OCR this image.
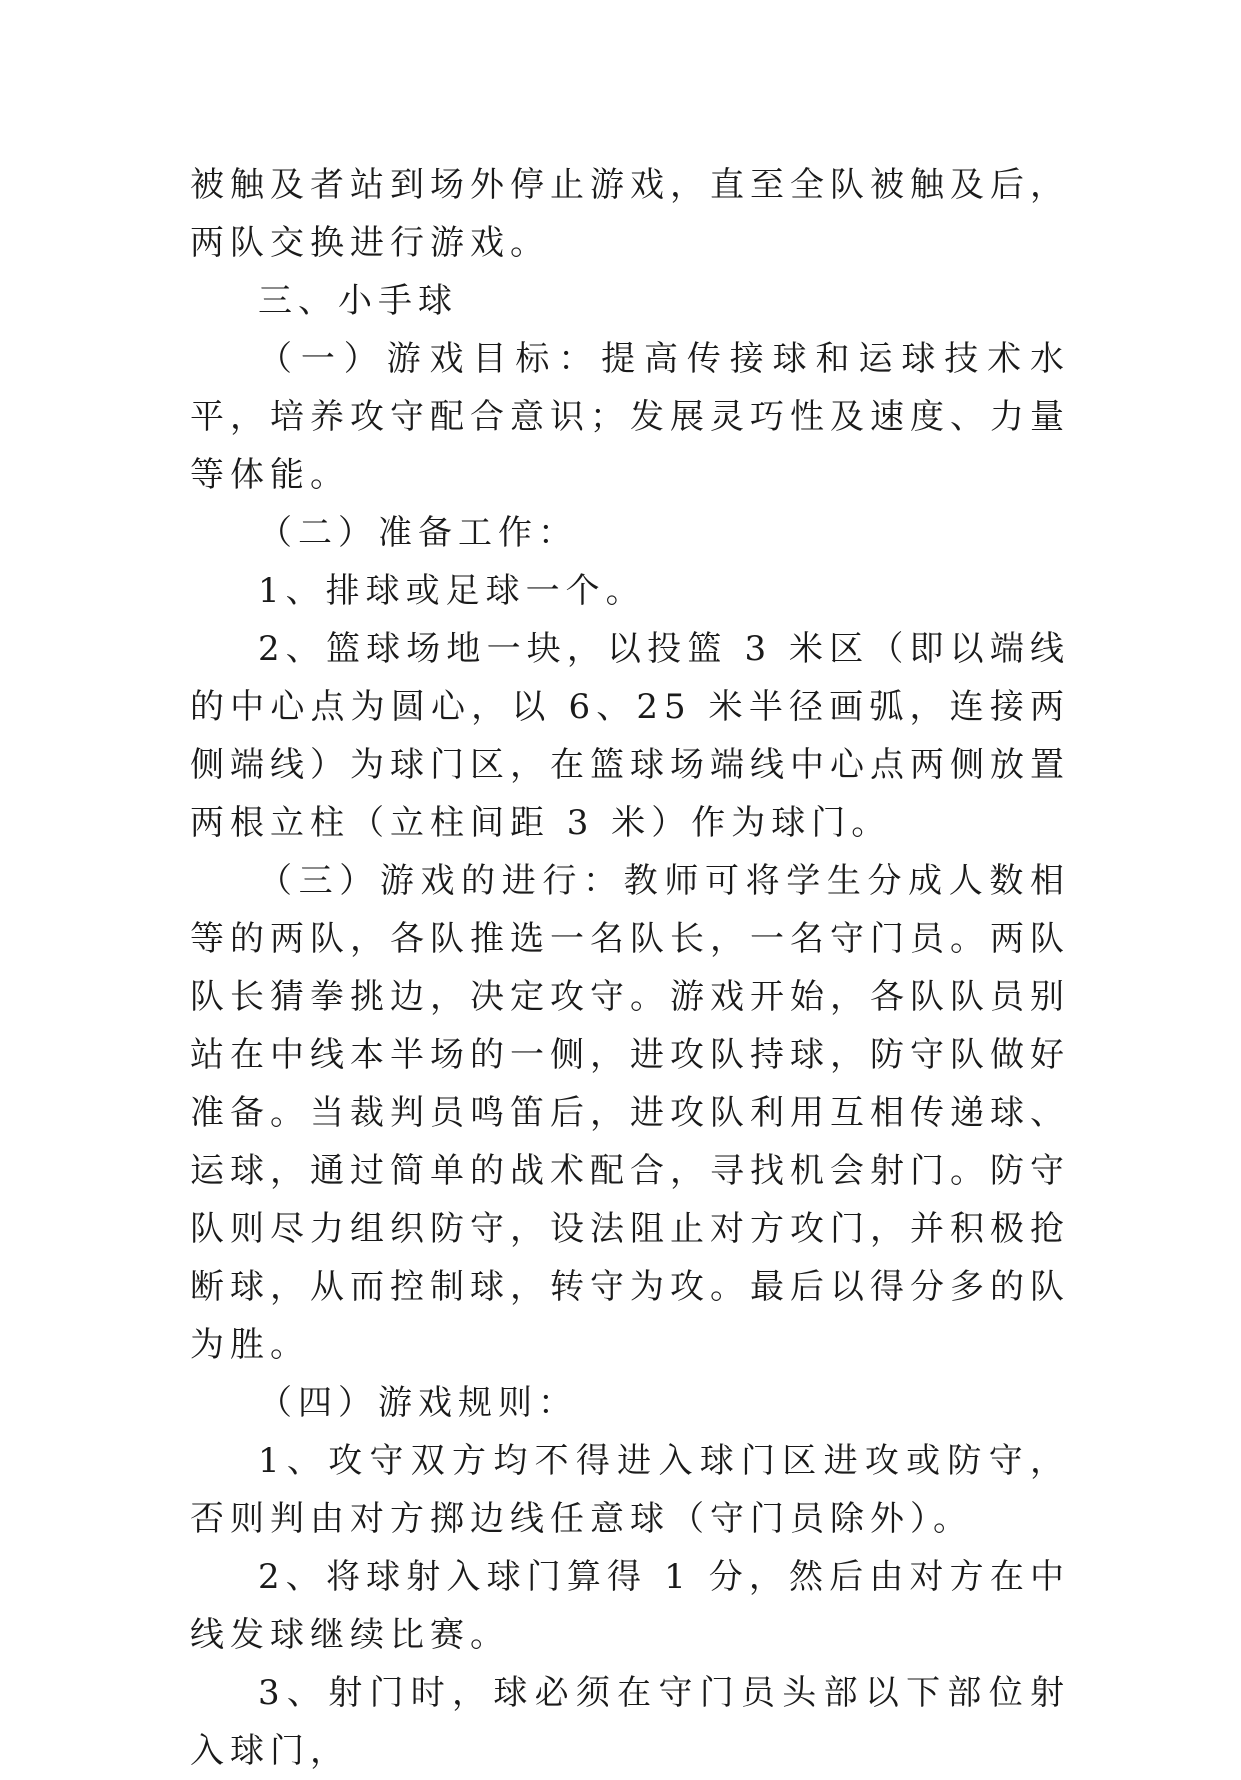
被触及者站到场外停止游戏，直至全队被触及后，两队交换进行游戏。

三、小手球

（一）游戏目标：提高传接球和运球技术水平，培养攻守配合意识；发展灵巧性及速度、力量等体能。

（二）准备工作：

1、排球或足球一个。

2、篮球场地一块，以投篮 3 米区（即以端线的中心点为圆心，以 6、25 米半径画弧，连接两侧端线）为球门区，在篮球场端线中心点两侧放置两根立柱（立柱间距 3 米）作为球门。

（三）游戏的进行：教师可将学生分成人数相等的两队，各队推选一名队长，一名守门员。两队队长猜拳挑边，决定攻守。游戏开始，各队队员别站在中线本半场的一侧，进攻队持球，防守队做好准备。当裁判员鸣笛后，进攻队利用互相传递球、运球，通过简单的战术配合，寻找机会射门。防守队则尽力组织防守，设法阻止对方攻门，并积极抢断球，从而控制球，转守为攻。最后以得分多的队为胜。

（四）游戏规则：

1、攻守双方均不得进入球门区进攻或防守，否则判由对方掷边线任意球（守门员除外）。

2、将球射入球门算得 1 分，然后由对方在中线发球继续比赛。

3、射门时，球必须在守门员头部以下部位射入球门，
